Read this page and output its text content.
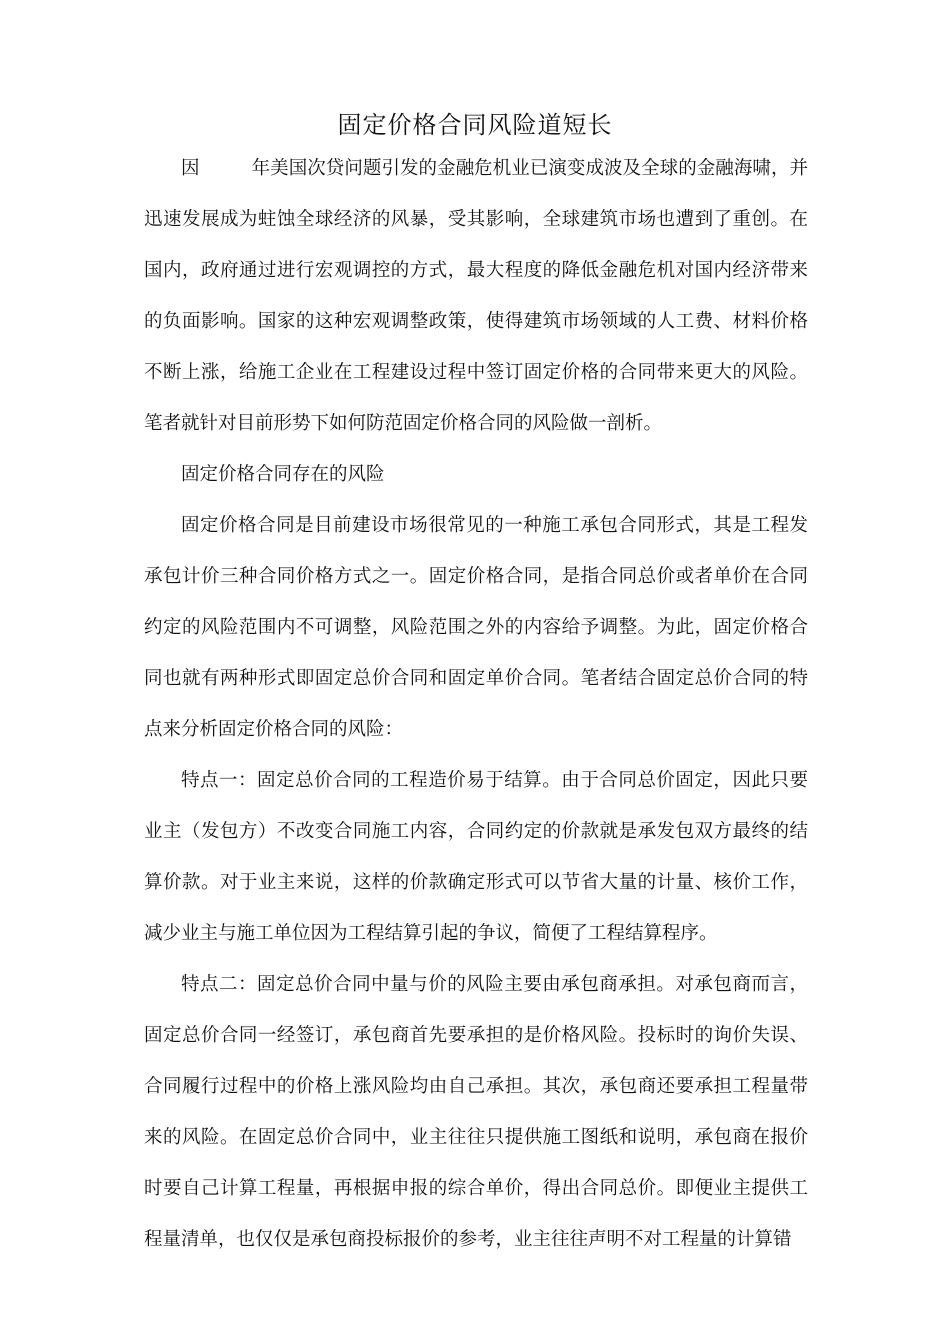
固定价格合同风险道短长

因	年美国次贷问题引发的金融危机业已演变成波及全球的金融海啸，并迅速发展成为蛀蚀全球经济的风暴，受其影响，全球建筑市场也遭到了重创。在国内，政府通过进行宏观调控的方式，最大程度的降低金融危机对国内经济带来的负面影响。国家的这种宏观调整政策，使得建筑市场领域的人工费、材料价格不断上涨，给施工企业在工程建设过程中签订固定价格的合同带来更大的风险。笔者就针对目前形势下如何防范固定价格合同的风险做一剖析。

固定价格合同存在的风险

固定价格合同是目前建设市场很常见的一种施工承包合同形式，其是工程发承包计价三种合同价格方式之一。固定价格合同，是指合同总价或者单价在合同约定的风险范围内不可调整，风险范围之外的内容给予调整。为此，固定价格合同也就有两种形式即固定总价合同和固定单价合同。笔者结合固定总价合同的特点来分析固定价格合同的风险：

特点一：固定总价合同的工程造价易于结算。由于合同总价固定，因此只要业主（发包方）不改变合同施工内容，合同约定的价款就是承发包双方最终的结算价款。对于业主来说，这样的价款确定形式可以节省大量的计量、核价工作，减少业主与施工单位因为工程结算引起的争议，简便了工程结算程序。

特点二：固定总价合同中量与价的风险主要由承包商承担。对承包商而言，固定总价合同一经签订，承包商首先要承担的是价格风险。投标时的询价失误、合同履行过程中的价格上涨风险均由自己承担。其次，承包商还要承担工程量带来的风险。在固定总价合同中，业主往往只提供施工图纸和说明，承包商在报价时要自己计算工程量，再根据申报的综合单价，得出合同总价。即便业主提供工程量清单，也仅仅是承包商投标报价的参考，业主往往声明不对工程量的计算错
